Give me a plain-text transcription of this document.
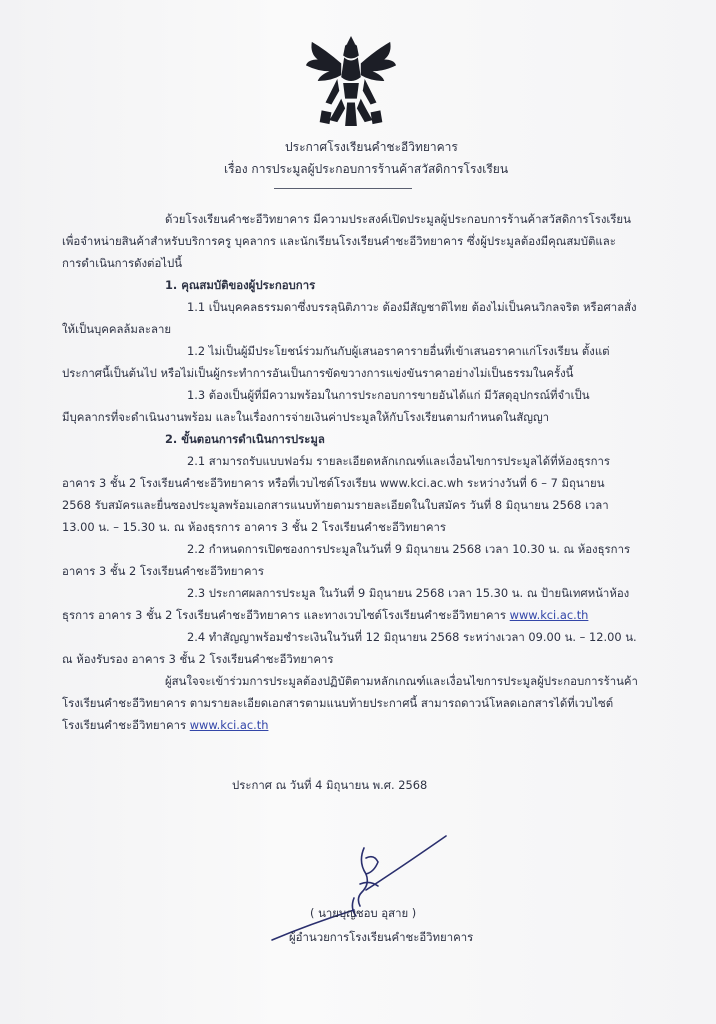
ประกาศโรงเรียนคำชะอีวิทยาคาร
เรื่อง การประมูลผู้ประกอบการร้านค้าสวัสดิการโรงเรียน
ด้วยโรงเรียนคำชะอีวิทยาคาร มีความประสงค์เปิดประมูลผู้ประกอบการร้านค้าสวัสดิการโรงเรียน
เพื่อจำหน่ายสินค้าสำหรับบริการครู บุคลากร และนักเรียนโรงเรียนคำชะอีวิทยาคาร ซึ่งผู้ประมูลต้องมีคุณสมบัติและ
การดำเนินการดังต่อไปนี้
1. คุณสมบัติของผู้ประกอบการ
1.1 เป็นบุคคลธรรมดาซึ่งบรรลุนิติภาวะ ต้องมีสัญชาติไทย ต้องไม่เป็นคนวิกลจริต หรือศาลสั่ง
ให้เป็นบุคคลล้มละลาย
1.2 ไม่เป็นผู้มีประโยชน์ร่วมกันกับผู้เสนอราคารายอื่นที่เข้าเสนอราคาแก่โรงเรียน ตั้งแต่
ประกาศนี้เป็นต้นไป หรือไม่เป็นผู้กระทำการอันเป็นการขัดขวางการแข่งขันราคาอย่างไม่เป็นธรรมในครั้งนี้
1.3 ต้องเป็นผู้ที่มีความพร้อมในการประกอบการขายอันได้แก่ มีวัสดุอุปกรณ์ที่จำเป็น
มีบุคลากรที่จะดำเนินงานพร้อม และในเรื่องการจ่ายเงินค่าประมูลให้กับโรงเรียนตามกำหนดในสัญญา
2. ขั้นตอนการดำเนินการประมูล
2.1 สามารถรับแบบฟอร์ม รายละเอียดหลักเกณฑ์และเงื่อนไขการประมูลได้ที่ห้องธุรการ
อาคาร 3 ชั้น 2 โรงเรียนคำชะอีวิทยาคาร หรือที่เวบไซต์โรงเรียน www.kci.ac.wh ระหว่างวันที่ 6 – 7 มิถุนายน
2568 รับสมัครและยื่นซองประมูลพร้อมเอกสารแนบท้ายตามรายละเอียดในใบสมัคร วันที่ 8 มิถุนายน 2568 เวลา
13.00 น. – 15.30 น. ณ ห้องธุรการ อาคาร 3 ชั้น 2 โรงเรียนคำชะอีวิทยาคาร
2.2 กำหนดการเปิดซองการประมูลในวันที่ 9 มิถุนายน 2568 เวลา 10.30 น. ณ ห้องธุรการ
อาคาร 3 ชั้น 2 โรงเรียนคำชะอีวิทยาคาร
2.3 ประกาศผลการประมูล ในวันที่ 9 มิถุนายน 2568 เวลา 15.30 น. ณ ป้ายนิเทศหน้าห้อง
ธุรการ อาคาร 3 ชั้น 2 โรงเรียนคำชะอีวิทยาคาร และทางเวบไซต์โรงเรียนคำชะอีวิทยาคาร www.kci.ac.th
2.4 ทำสัญญาพร้อมชำระเงินในวันที่ 12 มิถุนายน 2568 ระหว่างเวลา 09.00 น. – 12.00 น.
ณ ห้องรับรอง อาคาร 3 ชั้น 2 โรงเรียนคำชะอีวิทยาคาร
ผู้สนใจจะเข้าร่วมการประมูลต้องปฏิบัติตามหลักเกณฑ์และเงื่อนไขการประมูลผู้ประกอบการร้านค้า
โรงเรียนคำชะอีวิทยาคาร ตามรายละเอียดเอกสารตามแนบท้ายประกาศนี้ สามารถดาวน์โหลดเอกสารได้ที่เวบไซต์
โรงเรียนคำชะอีวิทยาคาร www.kci.ac.th
ประกาศ ณ วันที่ 4 มิถุนายน พ.ศ. 2568
( นายบุญชอบ อุสาย )
ผู้อำนวยการโรงเรียนคำชะอีวิทยาคาร
